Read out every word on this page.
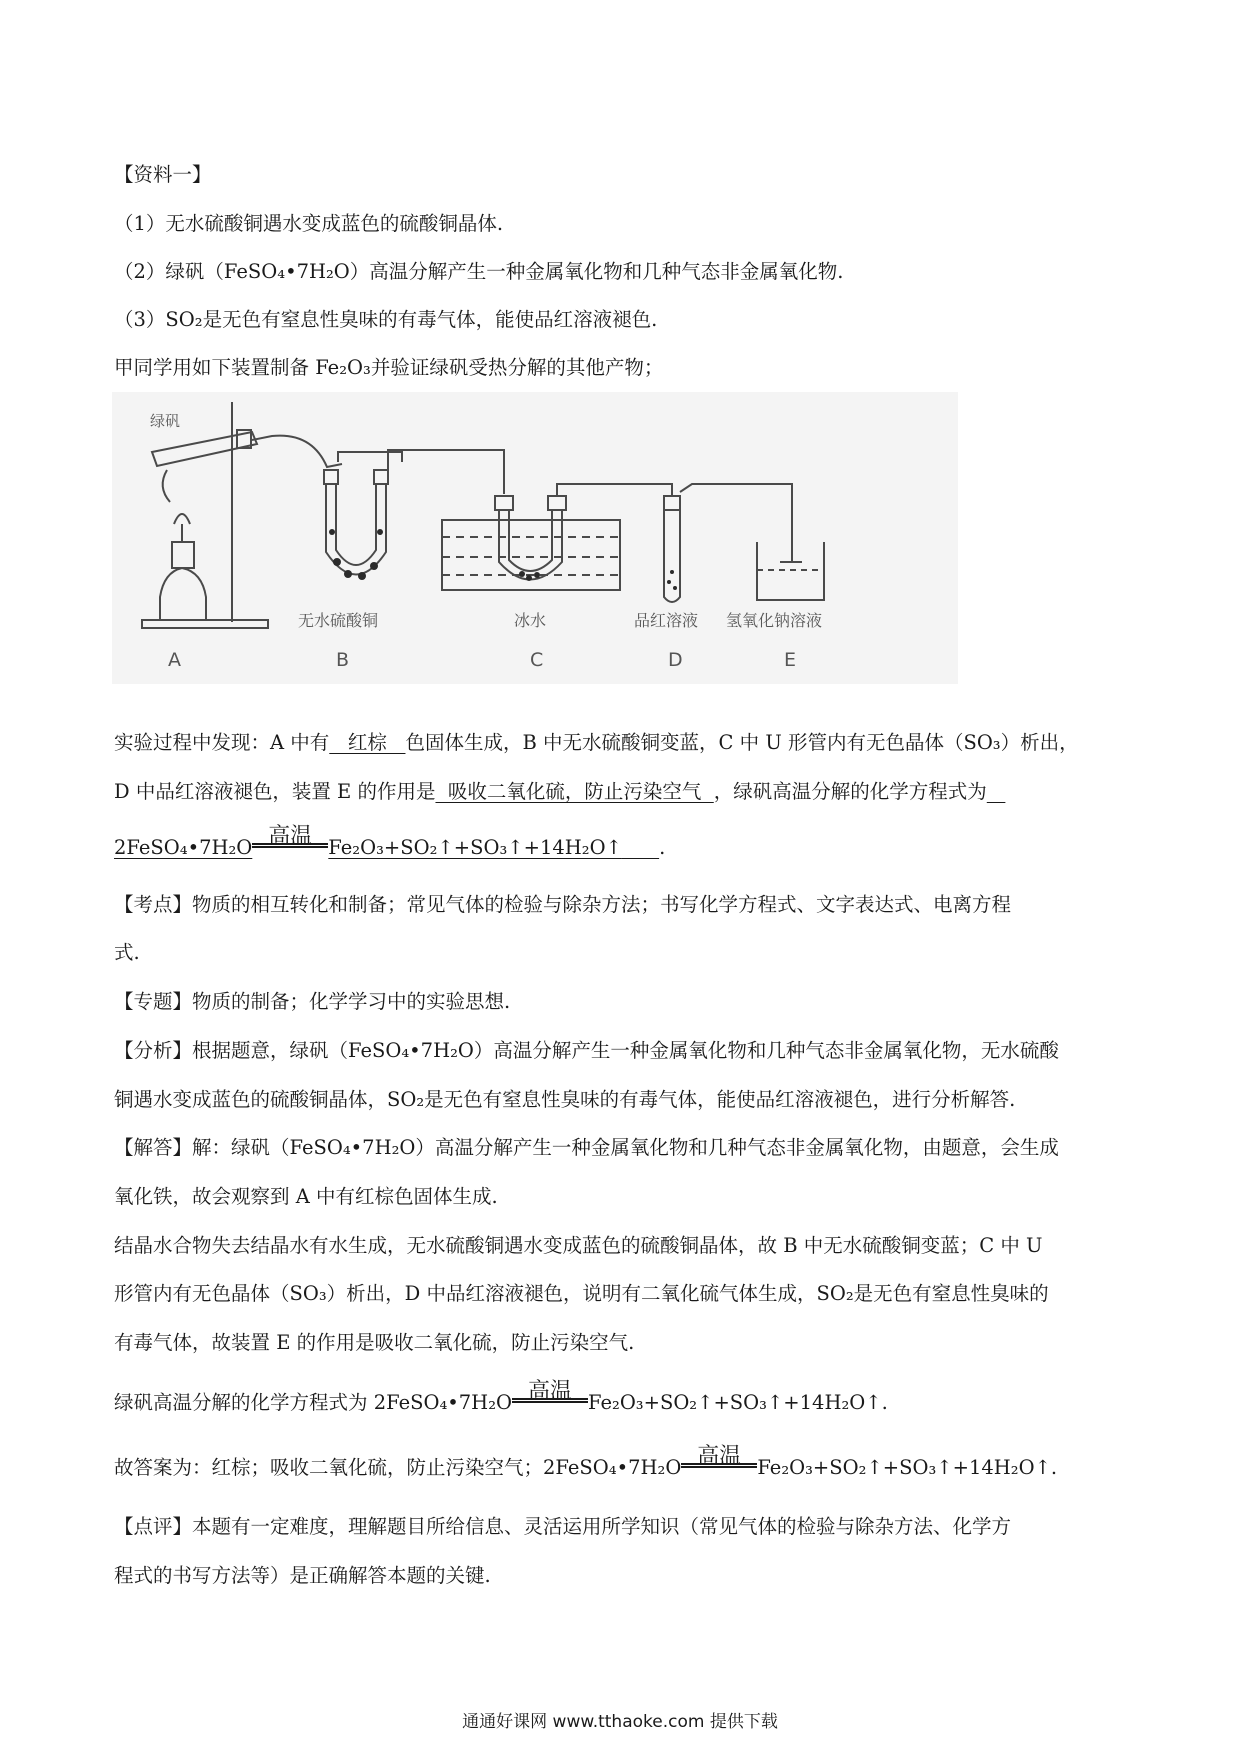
【资料一】
（1）无水硫酸铜遇水变成蓝色的硫酸铜晶体.
（2）绿矾（FeSO₄•7H₂O）高温分解产生一种金属氧化物和几种气态非金属氧化物.
（3）SO₂是无色有窒息性臭味的有毒气体，能使品红溶液褪色.
甲同学用如下装置制备 Fe₂O₃并验证绿矾受热分解的其他产物；
绿矾
无水硫酸铜	冰水	品红溶液 氢氧化钠溶液
A	B	C	D	E
实验过程中发现：A 中有   红棕   色固体生成，B 中无水硫酸铜变蓝，C 中 U 形管内有无色晶体（SO₃）析出，
D 中品红溶液褪色，装置 E 的作用是  吸收二氧化硫，防止污染空气  ，绿矾高温分解的化学方程式为
2FeSO₄•7H₂O 高温 Fe₂O₃+SO₂↑+SO₃↑+14H₂O↑ .
【考点】物质的相互转化和制备；常见气体的检验与除杂方法；书写化学方程式、文字表达式、电离方程
式.
【专题】物质的制备；化学学习中的实验思想.
【分析】根据题意，绿矾（FeSO₄•7H₂O）高温分解产生一种金属氧化物和几种气态非金属氧化物，无水硫酸
铜遇水变成蓝色的硫酸铜晶体，SO₂是无色有窒息性臭味的有毒气体，能使品红溶液褪色，进行分析解答.
【解答】解：绿矾（FeSO₄•7H₂O）高温分解产生一种金属氧化物和几种气态非金属氧化物，由题意，会生成
氧化铁，故会观察到 A 中有红棕色固体生成.
结晶水合物失去结晶水有水生成，无水硫酸铜遇水变成蓝色的硫酸铜晶体，故 B 中无水硫酸铜变蓝；C 中 U
形管内有无色晶体（SO₃）析出，D 中品红溶液褪色，说明有二氧化硫气体生成，SO₂是无色有窒息性臭味的
有毒气体，故装置 E 的作用是吸收二氧化硫，防止污染空气.
绿矾高温分解的化学方程式为 2FeSO₄•7H₂O 高温 Fe₂O₃+SO₂↑+SO₃↑+14H₂O↑.
故答案为：红棕；吸收二氧化硫，防止污染空气；2FeSO₄•7H₂O 高温 Fe₂O₃+SO₂↑+SO₃↑+14H₂O↑.
【点评】本题有一定难度，理解题目所给信息、灵活运用所学知识（常见气体的检验与除杂方法、化学方
程式的书写方法等）是正确解答本题的关键.
通通好课网 www.tthaoke.com 提供下载
